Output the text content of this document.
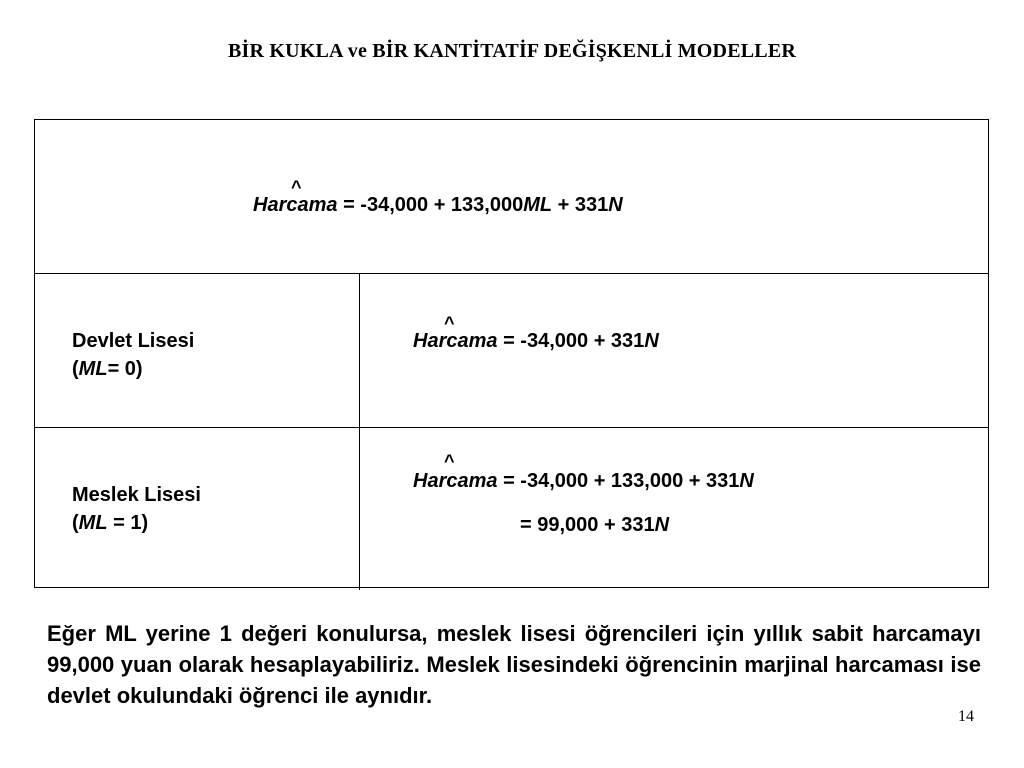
BİR KUKLA ve BİR KANTİTATİF DEĞİŞKENLİ MODELLER
^
Harcama = -34,000 + 133,000ML + 331N
Devlet Lisesi
(ML= 0)
^
Harcama = -34,000 + 331N
Meslek Lisesi
(ML = 1)
^
Harcama = -34,000 + 133,000 + 331N
= 99,000 + 331N
Eğer ML yerine 1 değeri konulursa, meslek lisesi öğrencileri için yıllık sabit harcamayı 99,000 yuan olarak hesaplayabiliriz. Meslek lisesindeki öğrencinin marjinal harcaması ise devlet okulundaki öğrenci ile aynıdır.
14
